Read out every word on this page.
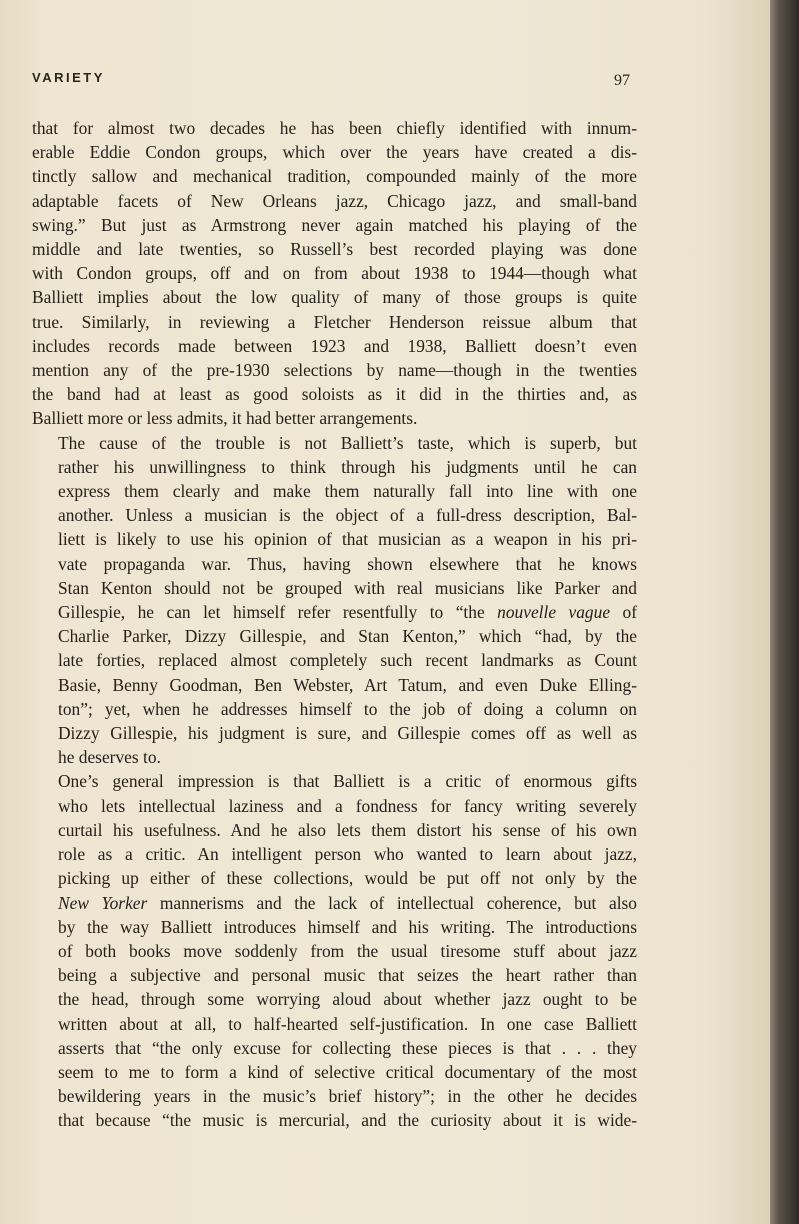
VARIETY	97

that for almost two decades he has been chiefly identified with innum-
erable Eddie Condon groups, which over the years have created a dis-
tinctly sallow and mechanical tradition, compounded mainly of the more
adaptable facets of New Orleans jazz, Chicago jazz, and small-band
swing.” But just as Armstrong never again matched his playing of the
middle and late twenties, so Russell’s best recorded playing was done
with Condon groups, off and on from about 1938 to 1944—though what
Balliett implies about the low quality of many of those groups is quite
true. Similarly, in reviewing a Fletcher Henderson reissue album that
includes records made between 1923 and 1938, Balliett doesn’t even
mention any of the pre-1930 selections by name—though in the twenties
the band had at least as good soloists as it did in the thirties and, as
Balliett more or less admits, it had better arrangements.

The cause of the trouble is not Balliett’s taste, which is superb, but
rather his unwillingness to think through his judgments until he can
express them clearly and make them naturally fall into line with one
another. Unless a musician is the object of a full-dress description, Bal-
liett is likely to use his opinion of that musician as a weapon in his pri-
vate propaganda war. Thus, having shown elsewhere that he knows
Stan Kenton should not be grouped with real musicians like Parker and
Gillespie, he can let himself refer resentfully to “the nouvelle vague of
Charlie Parker, Dizzy Gillespie, and Stan Kenton,” which “had, by the
late forties, replaced almost completely such recent landmarks as Count
Basie, Benny Goodman, Ben Webster, Art Tatum, and even Duke Elling-
ton”; yet, when he addresses himself to the job of doing a column on
Dizzy Gillespie, his judgment is sure, and Gillespie comes off as well as
he deserves to.

One’s general impression is that Balliett is a critic of enormous gifts
who lets intellectual laziness and a fondness for fancy writing severely
curtail his usefulness. And he also lets them distort his sense of his own
role as a critic. An intelligent person who wanted to learn about jazz,
picking up either of these collections, would be put off not only by the
New Yorker mannerisms and the lack of intellectual coherence, but also
by the way Balliett introduces himself and his writing. The introductions
of both books move soddenly from the usual tiresome stuff about jazz
being a subjective and personal music that seizes the heart rather than
the head, through some worrying aloud about whether jazz ought to be
written about at all, to half-hearted self-justification. In one case Balliett
asserts that “the only excuse for collecting these pieces is that . . . they
seem to me to form a kind of selective critical documentary of the most
bewildering years in the music’s brief history”; in the other he decides
that because “the music is mercurial, and the curiosity about it is wide-
